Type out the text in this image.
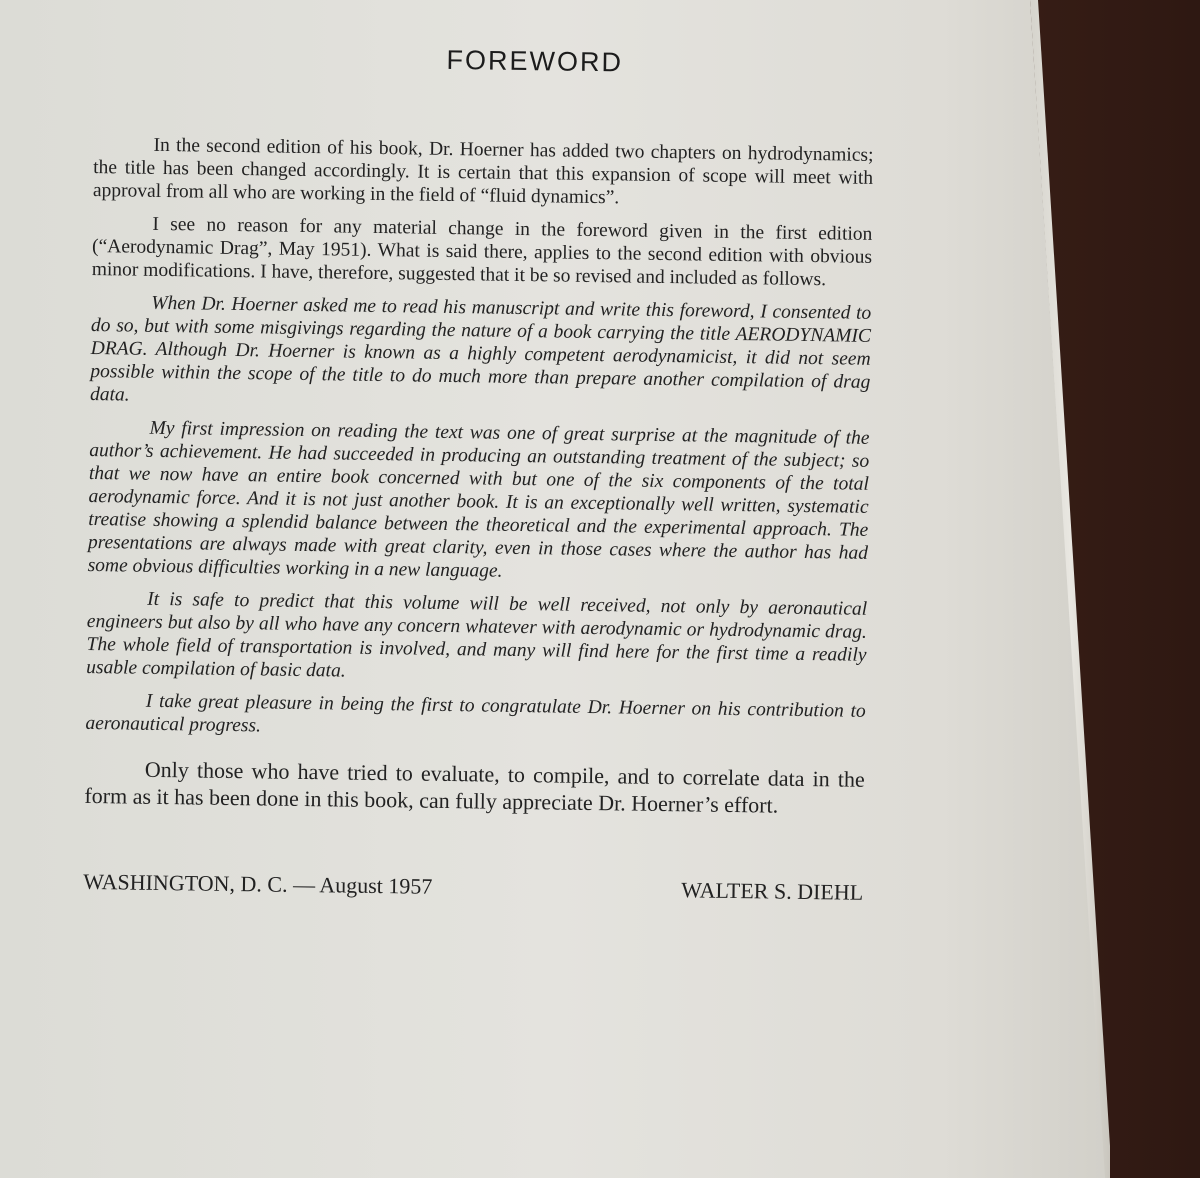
FOREWORD

In the second edition of his book, Dr. Hoerner has added two chapters on hydrodynamics; the title has been changed accordingly. It is certain that this expansion of scope will meet with approval from all who are working in the field of “fluid dynamics”.

I see no reason for any material change in the foreword given in the first edition (“Aerodynamic Drag”, May 1951). What is said there, applies to the second edition with obvious minor modifications. I have, therefore, suggested that it be so revised and included as follows.

When Dr. Hoerner asked me to read his manuscript and write this foreword, I consented to do so, but with some misgivings regarding the nature of a book carrying the title AERODYNAMIC DRAG. Although Dr. Hoerner is known as a highly competent aerodynamicist, it did not seem possible within the scope of the title to do much more than prepare another compilation of drag data.

My first impression on reading the text was one of great surprise at the magnitude of the author’s achievement. He had succeeded in producing an outstanding treatment of the subject; so that we now have an entire book concerned with but one of the six components of the total aerodynamic force. And it is not just another book. It is an exceptionally well written, systematic treatise showing a splendid balance between the theoretical and the experimental approach. The presentations are always made with great clarity, even in those cases where the author has had some obvious difficulties working in a new language.

It is safe to predict that this volume will be well received, not only by aeronautical engineers but also by all who have any concern whatever with aerodynamic or hydrodynamic drag. The whole field of transportation is involved, and many will find here for the first time a readily usable compilation of basic data.

I take great pleasure in being the first to congratulate Dr. Hoerner on his contribution to aeronautical progress.

Only those who have tried to evaluate, to compile, and to correlate data in the form as it has been done in this book, can fully appreciate Dr. Hoerner’s effort.

WASHINGTON, D. C. — August 1957	WALTER S. DIEHL
